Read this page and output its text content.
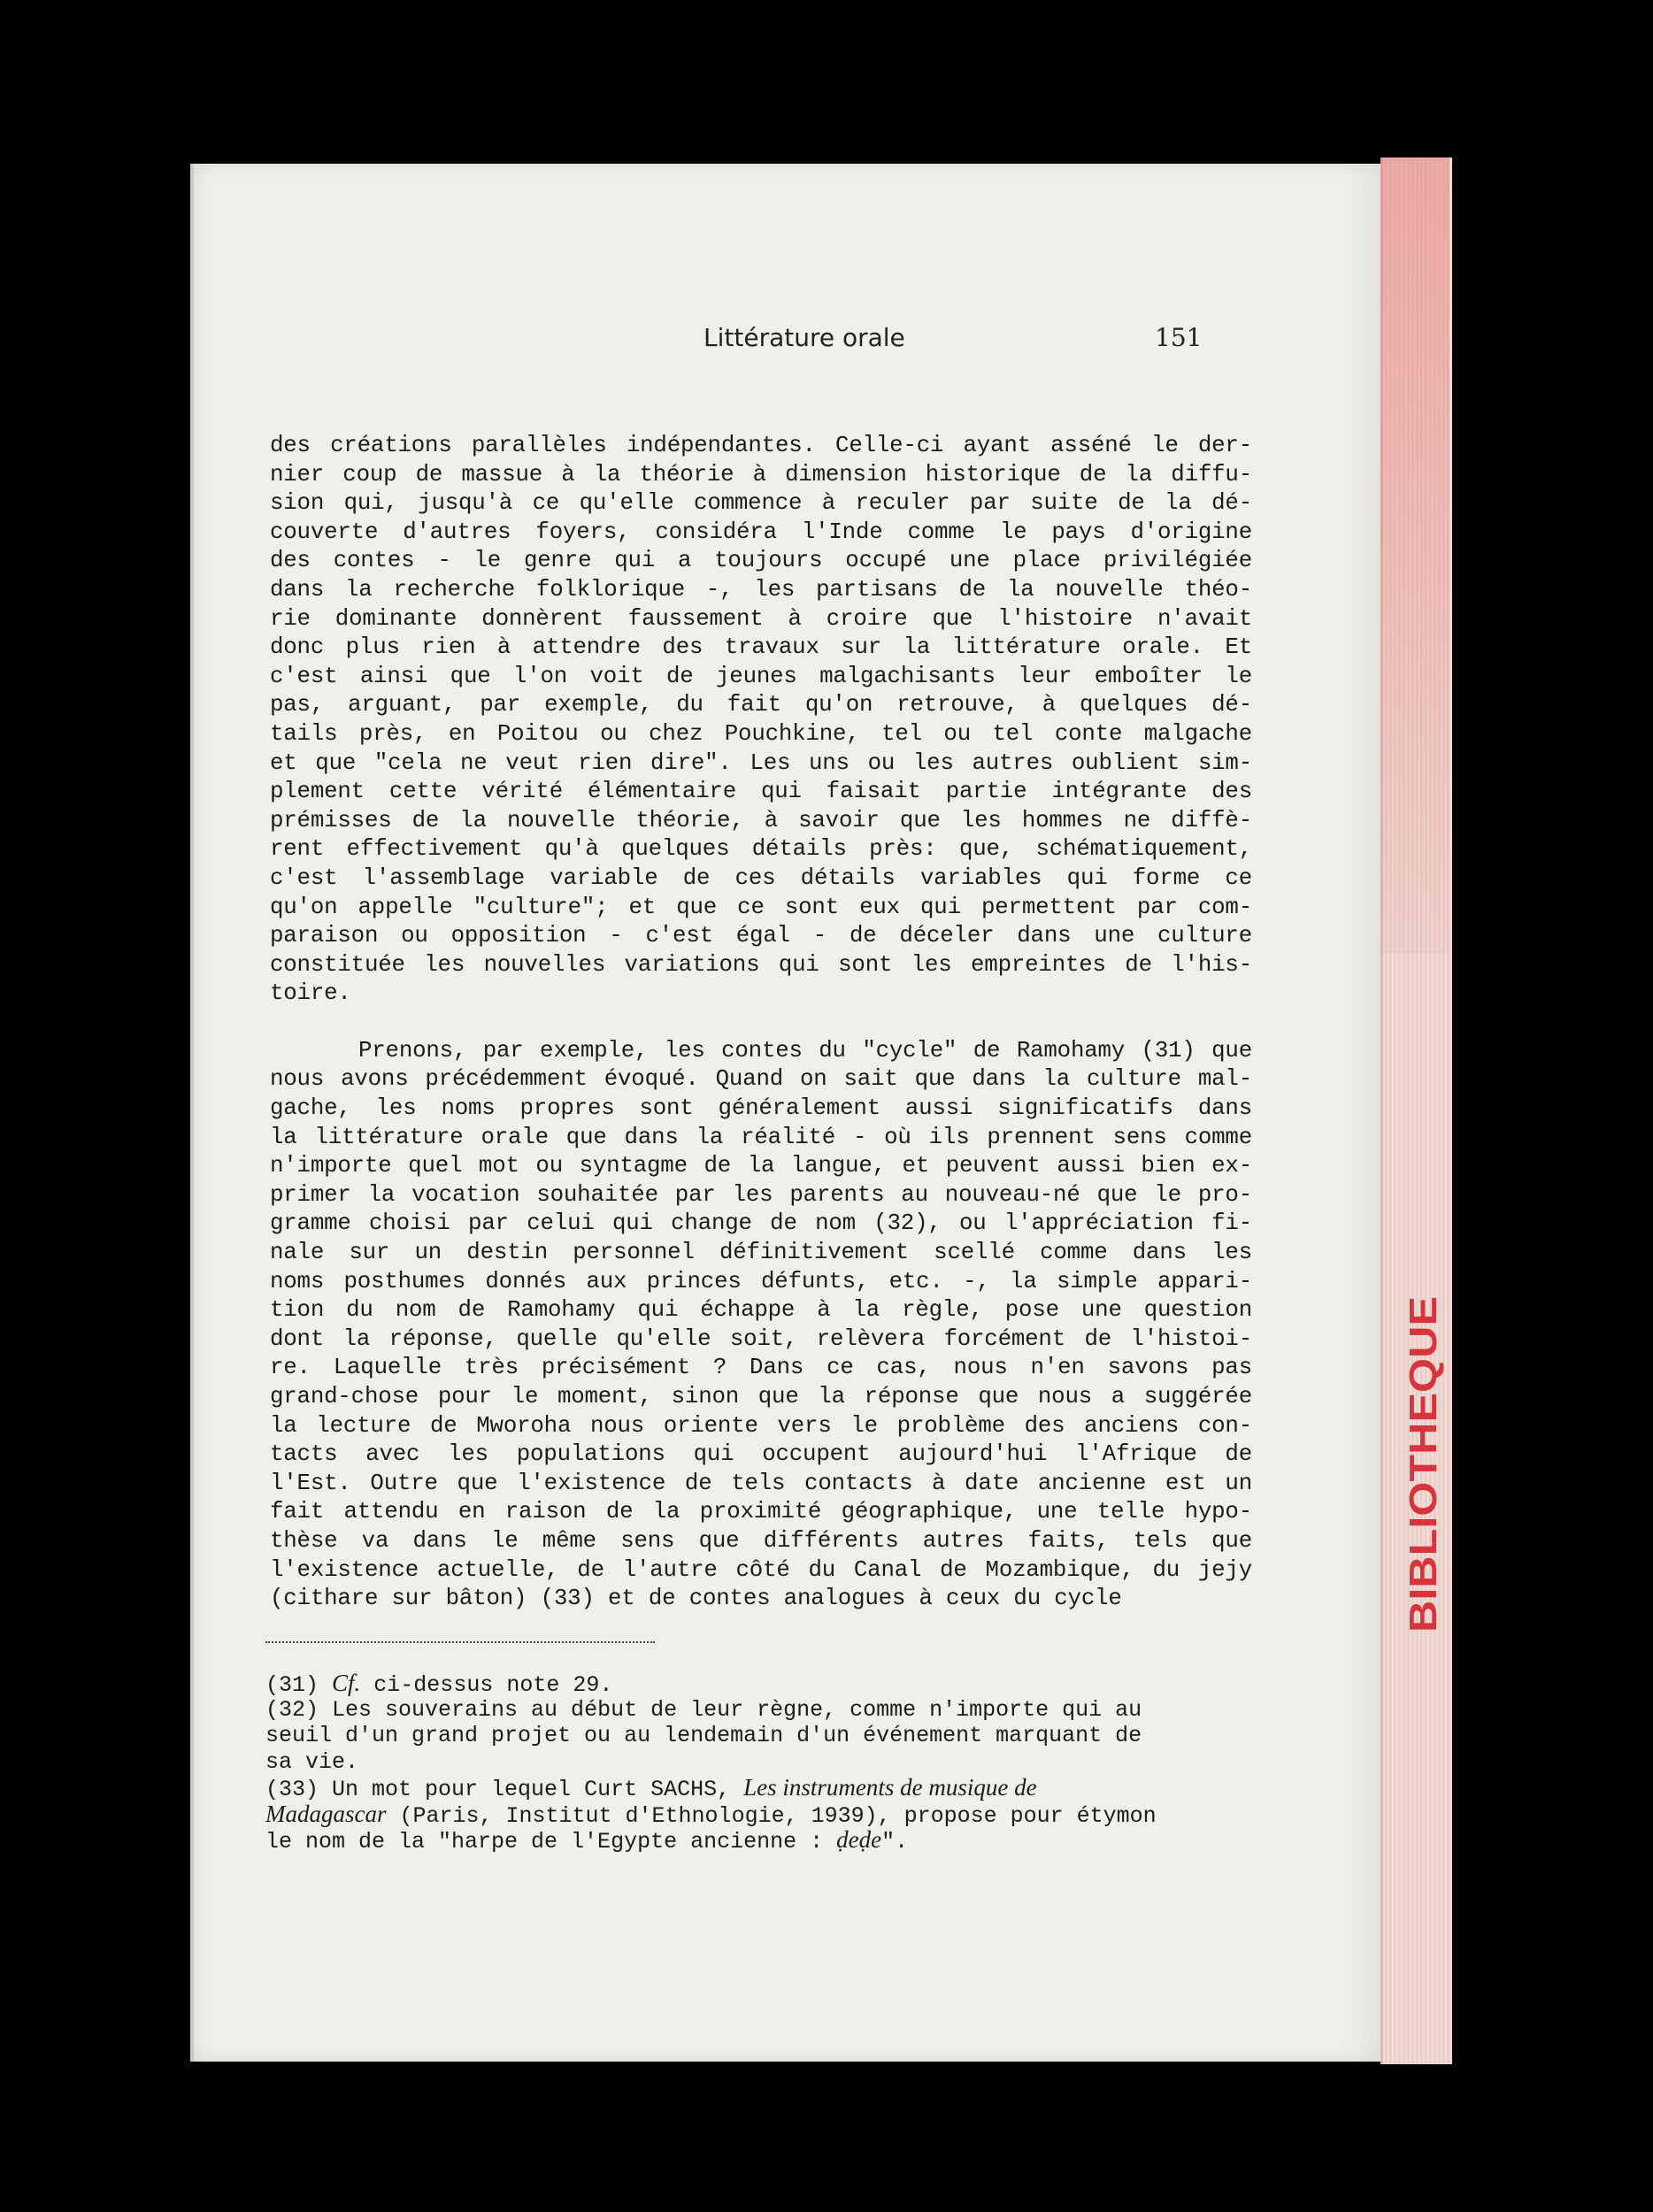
BIBLIOTHEQUE
Littérature orale	151
des créations parallèles indépendantes. Celle-ci ayant asséné le der-
nier coup de massue à la théorie à dimension historique de la diffu-
sion qui, jusqu'à ce qu'elle commence à reculer par suite de la dé-
couverte d'autres foyers, considéra l'Inde comme le pays d'origine
des contes - le genre qui a toujours occupé une place privilégiée
dans la recherche folklorique -, les partisans de la nouvelle théo-
rie dominante donnèrent faussement à croire que l'histoire n'avait
donc plus rien à attendre des travaux sur la littérature orale. Et
c'est ainsi que l'on voit de jeunes malgachisants leur emboîter le
pas, arguant, par exemple, du fait qu'on retrouve, à quelques dé-
tails près, en Poitou ou chez Pouchkine, tel ou tel conte malgache
et que "cela ne veut rien dire". Les uns ou les autres oublient sim-
plement cette vérité élémentaire qui faisait partie intégrante des
prémisses de la nouvelle théorie, à savoir que les hommes ne diffè-
rent effectivement qu'à quelques détails près: que, schématiquement,
c'est l'assemblage variable de ces détails variables qui forme ce
qu'on appelle "culture"; et que ce sont eux qui permettent par com-
paraison ou opposition - c'est égal - de déceler dans une culture
constituée les nouvelles variations qui sont les empreintes de l'his-
toire.
Prenons, par exemple, les contes du "cycle" de Ramohamy (31) que
nous avons précédemment évoqué. Quand on sait que dans la culture mal-
gache, les noms propres sont généralement aussi significatifs dans
la littérature orale que dans la réalité - où ils prennent sens comme
n'importe quel mot ou syntagme de la langue, et peuvent aussi bien ex-
primer la vocation souhaitée par les parents au nouveau-né que le pro-
gramme choisi par celui qui change de nom (32), ou l'appréciation fi-
nale sur un destin personnel définitivement scellé comme dans les
noms posthumes donnés aux princes défunts, etc. -, la simple appari-
tion du nom de Ramohamy qui échappe à la règle, pose une question
dont la réponse, quelle qu'elle soit, relèvera forcément de l'histoi-
re. Laquelle très précisément ? Dans ce cas, nous n'en savons pas
grand-chose pour le moment, sinon que la réponse que nous a suggérée
la lecture de Mworoha nous oriente vers le problème des anciens con-
tacts avec les populations qui occupent aujourd'hui l'Afrique de
l'Est. Outre que l'existence de tels contacts à date ancienne est un
fait attendu en raison de la proximité géographique, une telle hypo-
thèse va dans le même sens que différents autres faits, tels que
l'existence actuelle, de l'autre côté du Canal de Mozambique, du jejy
(cithare sur bâton) (33) et de contes analogues à ceux du cycle
(31) Cf. ci-dessus note 29.
(32) Les souverains au début de leur règne, comme n'importe qui au
seuil d'un grand projet ou au lendemain d'un événement marquant de
sa vie.
(33) Un mot pour lequel Curt SACHS, Les instruments de musique de
Madagascar (Paris, Institut d'Ethnologie, 1939), propose pour étymon
le nom de la "harpe de l'Egypte ancienne : ḍeḍe".
